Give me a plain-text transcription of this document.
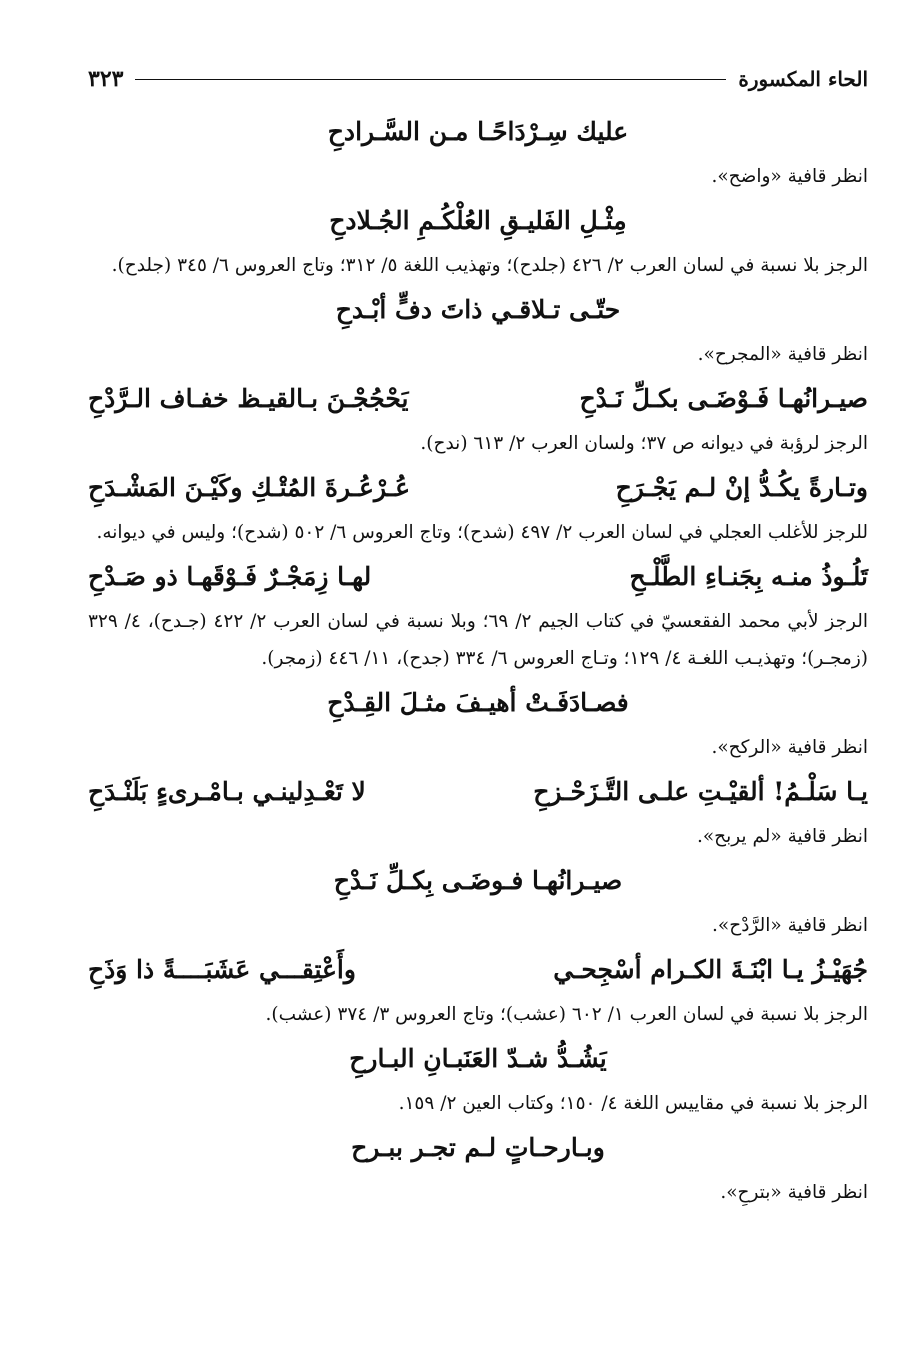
الحاء المكسورة
٣٢٣
عليك سِـرْدَاحًـا مـن السَّـرادحِ

انظر قافية «واضح».

مِثْـلِ الفَليـقِ العُلْكُـمِ الجُـلادحِ

الرجز بلا نسبة في لسان العرب ٢/ ٤٢٦ (جلدح)؛ وتهذيب اللغة ٥/ ٣١٢؛ وتاج العروس ٦/ ٣٤٥ (جلدح).

حتّـى تـلاقـي ذاتَ دفٍّ أبْـدحِ

انظر قافية «المجرح».

صيـرانُهـا فَـوْضَـى بكـلِّ نَـدْحِ
يَحْجُجْـنَ بـالقيـظ خفـاف الـرَّدْحِ

الرجز لرؤبة في ديوانه ص ٣٧؛ ولسان العرب ٢/ ٦١٣ (ندح).

وتـارةً يكُـدُّ إنْ لـم يَجْـرَحِ
عُـرْعُـرةَ المُتْـكِ وكَيْـنَ المَشْـدَحِ

للرجز للأغلب العجلي في لسان العرب ٢/ ٤٩٧ (شدح)؛ وتاج العروس ٦/ ٥٠٢ (شدح)؛ وليس في ديوانه.

تَلُـوذُ منـه بِجَنـاءِ الطَّلْـحِ
لهـا زِمَجْـرٌ فَـوْقَهـا ذو صَـدْحِ

الرجز لأبي محمد الفقعسيّ في كتاب الجيم ٢/ ٦٩؛ وبلا نسبة في لسان العرب ٢/ ٤٢٢ (جـدح)، ٤/ ٣٢٩ (زمجـر)؛ وتهذيـب اللغـة ٤/ ١٢٩؛ وتـاج العروس ٦/ ٣٣٤ (جدح)، ١١/ ٤٤٦ (زمجر).

فصـادَفَـتْ أهيـفَ مثـلَ القِـدْحِ

انظر قافية «الركح».

يـا سَلْـمُ! ألقيْـتِ علـى التَّـزَحْـزحِ
لا تَعْـدِلينـي بـامْـرىءٍ بَلَنْـدَحِ

انظر قافية «لم يربح».

صيـرانُهـا فـوضَـى بِكـلِّ نَـدْحِ

انظر قافية «الرَّدْح».

جُهَيْـزُ يـا ابْنَـةَ الكـرام أسْجِحـي
وأَعْتِقـــي عَشَبَــــةً ذا وَذَحِ

الرجز بلا نسبة في لسان العرب ١/ ٦٠٢ (عشب)؛ وتاج العروس ٣/ ٣٧٤ (عشب).

يَشُـدُّ شـدّ العَنَبـانِ البـارحِ

الرجز بلا نسبة في مقاييس اللغة ٤/ ١٥٠؛ وكتاب العين ٢/ ١٥٩.

وبـارحـاتٍ لـم تجـر ببـرح

انظر قافية «بترحِ».
